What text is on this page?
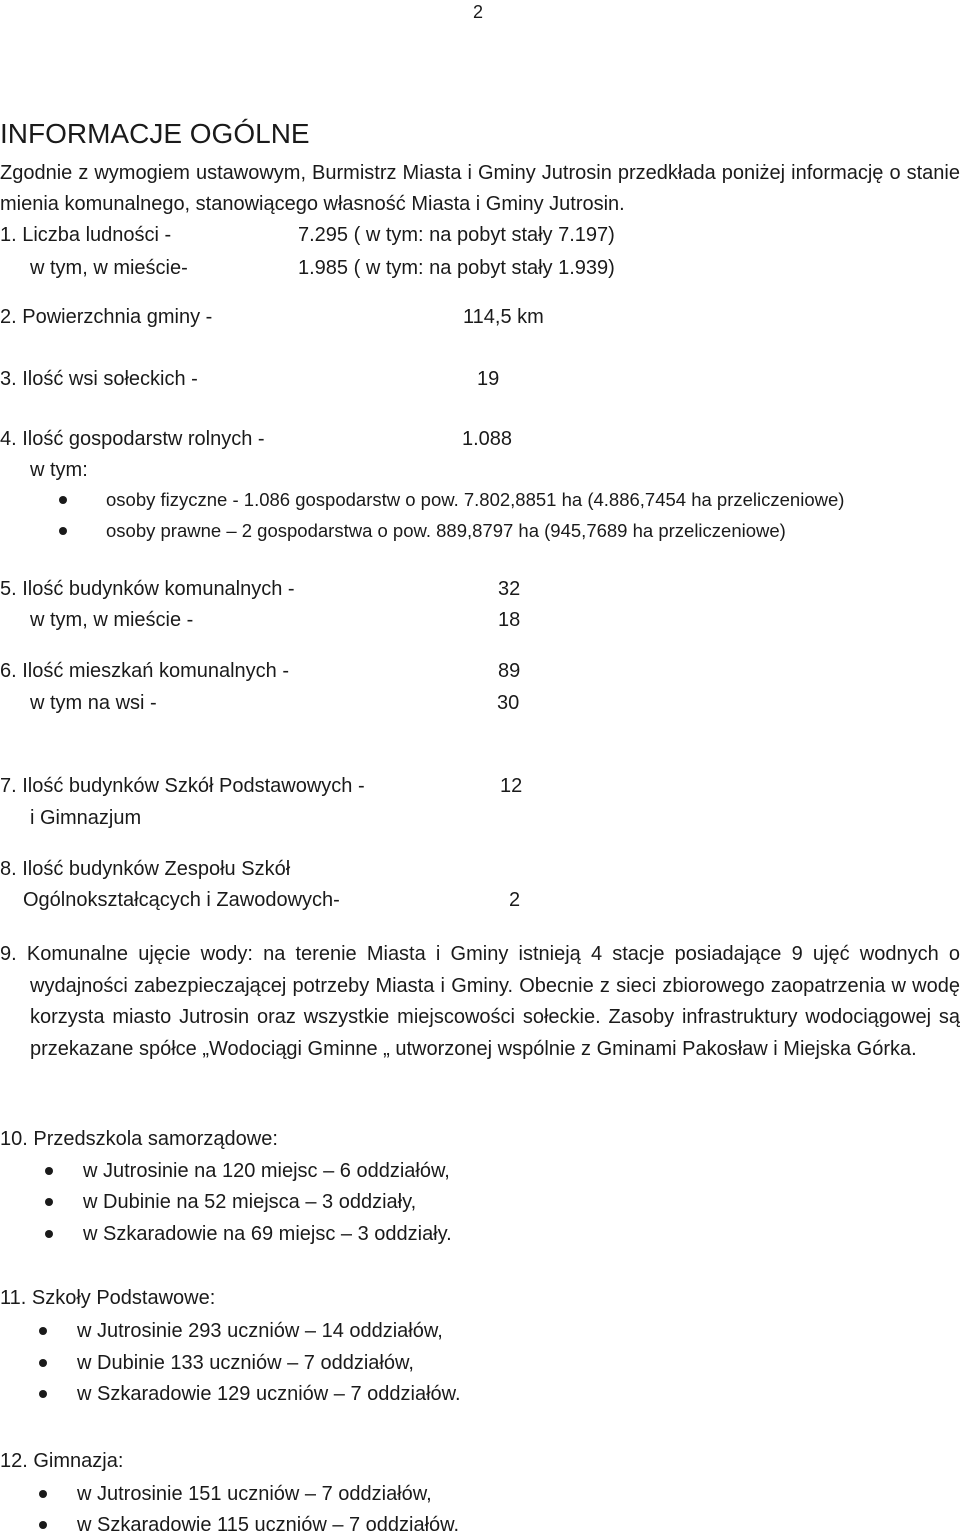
2
INFORMACJE OGÓLNE
Zgodnie z wymogiem ustawowym, Burmistrz Miasta i Gminy Jutrosin przedkłada poniżej informację o stanie mienia komunalnego, stanowiącego własność Miasta i Gminy Jutrosin.
1. Liczba ludności -	7.295 ( w tym: na pobyt stały 7.197)
w tym, w mieście-	1.985 ( w tym: na pobyt stały 1.939)
2. Powierzchnia gminy -	114,5 km
3. Ilość wsi sołeckich -	19
4. Ilość gospodarstw rolnych -	1.088
w tym:
osoby fizyczne - 1.086 gospodarstw o pow. 7.802,8851 ha (4.886,7454 ha przeliczeniowe)
osoby prawne – 2 gospodarstwa o pow. 889,8797 ha (945,7689 ha przeliczeniowe)
5. Ilość budynków komunalnych -	32
w tym, w mieście -	18
6. Ilość mieszkań komunalnych -	89
w tym na wsi -	30
7. Ilość budynków Szkół Podstawowych -	12
i Gimnazjum
8. Ilość budynków Zespołu Szkół
Ogólnokształcących i Zawodowych-	2
9. Komunalne ujęcie wody: na terenie Miasta i Gminy istnieją 4 stacje posiadające 9 ujęć wodnych o wydajności zabezpieczającej potrzeby Miasta i Gminy. Obecnie z sieci zbiorowego zaopatrzenia w wodę korzysta miasto Jutrosin oraz wszystkie miejscowości sołeckie. Zasoby infrastruktury wodociągowej są przekazane spółce „Wodociągi Gminne „ utworzonej wspólnie z Gminami Pakosław i Miejska Górka.
10. Przedszkola samorządowe:
w Jutrosinie na 120 miejsc – 6 oddziałów,
w Dubinie na 52 miejsca – 3 oddziały,
w Szkaradowie na 69 miejsc – 3 oddziały.
11. Szkoły Podstawowe:
w Jutrosinie 293 uczniów – 14 oddziałów,
w Dubinie 133 uczniów – 7 oddziałów,
w Szkaradowie 129 uczniów – 7 oddziałów.
12. Gimnazja:
w Jutrosinie 151 uczniów – 7 oddziałów,
w Szkaradowie 115 uczniów – 7 oddziałów.
